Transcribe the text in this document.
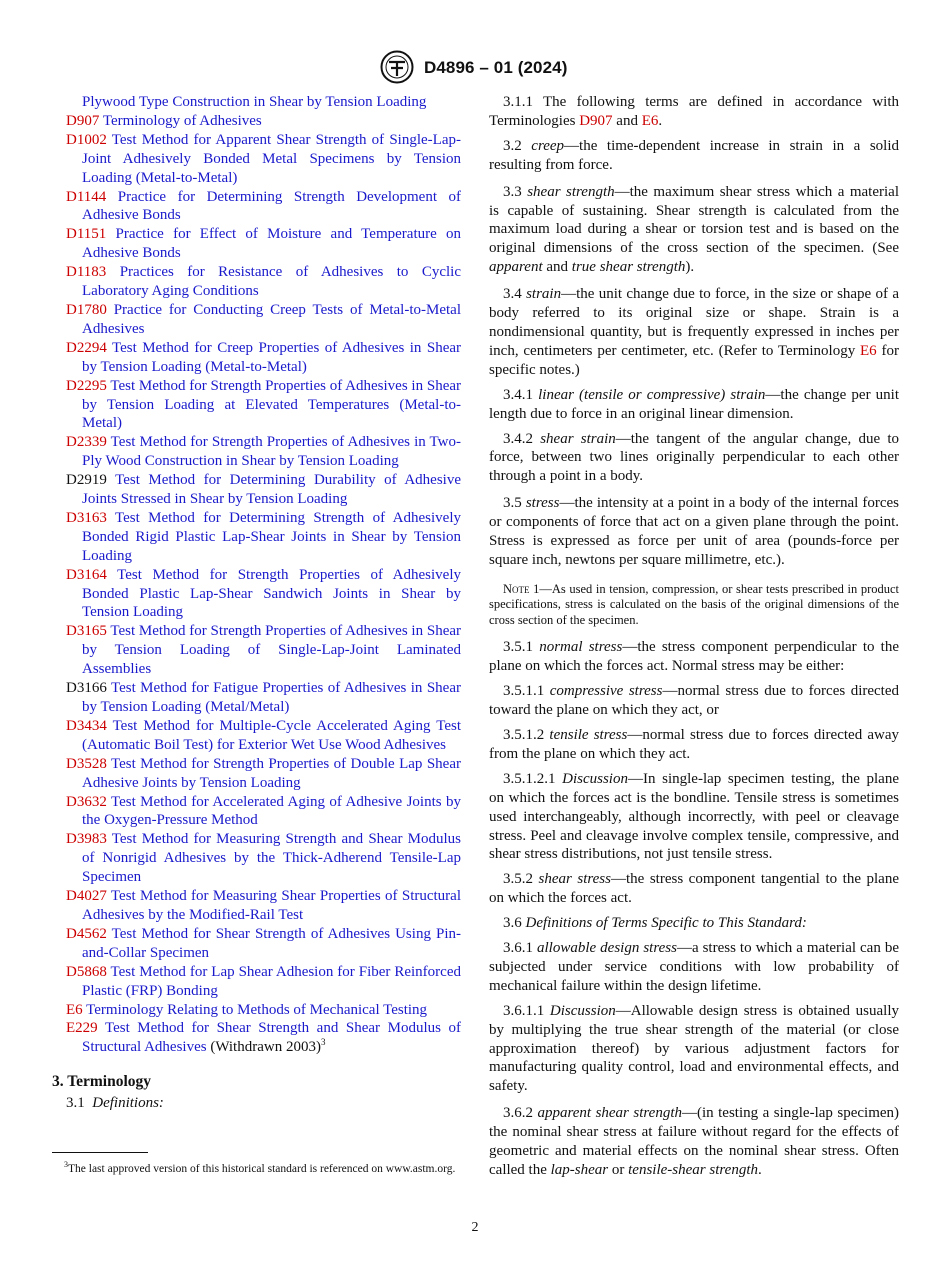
D4896 – 01 (2024)

Plywood Type Construction in Shear by Tension Loading

D907 Terminology of Adhesives

D1002 Test Method for Apparent Shear Strength of Single-Lap-Joint Adhesively Bonded Metal Specimens by Tension Loading (Metal-to-Metal)

D1144 Practice for Determining Strength Development of Adhesive Bonds

D1151 Practice for Effect of Moisture and Temperature on Adhesive Bonds

D1183 Practices for Resistance of Adhesives to Cyclic Laboratory Aging Conditions

D1780 Practice for Conducting Creep Tests of Metal-to-Metal Adhesives

D2294 Test Method for Creep Properties of Adhesives in Shear by Tension Loading (Metal-to-Metal)

D2295 Test Method for Strength Properties of Adhesives in Shear by Tension Loading at Elevated Temperatures (Metal-to-Metal)

D2339 Test Method for Strength Properties of Adhesives in Two-Ply Wood Construction in Shear by Tension Loading

D2919 Test Method for Determining Durability of Adhesive Joints Stressed in Shear by Tension Loading

D3163 Test Method for Determining Strength of Adhesively Bonded Rigid Plastic Lap-Shear Joints in Shear by Tension Loading

D3164 Test Method for Strength Properties of Adhesively Bonded Plastic Lap-Shear Sandwich Joints in Shear by Tension Loading

D3165 Test Method for Strength Properties of Adhesives in Shear by Tension Loading of Single-Lap-Joint Laminated Assemblies

D3166 Test Method for Fatigue Properties of Adhesives in Shear by Tension Loading (Metal/Metal)

D3434 Test Method for Multiple-Cycle Accelerated Aging Test (Automatic Boil Test) for Exterior Wet Use Wood Adhesives

D3528 Test Method for Strength Properties of Double Lap Shear Adhesive Joints by Tension Loading

D3632 Test Method for Accelerated Aging of Adhesive Joints by the Oxygen-Pressure Method

D3983 Test Method for Measuring Strength and Shear Modulus of Nonrigid Adhesives by the Thick-Adherend Tensile-Lap Specimen

D4027 Test Method for Measuring Shear Properties of Structural Adhesives by the Modified-Rail Test

D4562 Test Method for Shear Strength of Adhesives Using Pin-and-Collar Specimen

D5868 Test Method for Lap Shear Adhesion for Fiber Reinforced Plastic (FRP) Bonding

E6 Terminology Relating to Methods of Mechanical Testing

E229 Test Method for Shear Strength and Shear Modulus of Structural Adhesives (Withdrawn 2003)$^3$

3. Terminology

3.1 Definitions:

3.1.1 The following terms are defined in accordance with Terminologies D907 and E6.

3.2 creep—the time-dependent increase in strain in a solid resulting from force.

3.3 shear strength—the maximum shear stress which a material is capable of sustaining. Shear strength is calculated from the maximum load during a shear or torsion test and is based on the original dimensions of the cross section of the specimen. (See apparent and true shear strength).

3.4 strain—the unit change due to force, in the size or shape of a body referred to its original size or shape. Strain is a nondimensional quantity, but is frequently expressed in inches per inch, centimeters per centimeter, etc. (Refer to Terminology E6 for specific notes.)

3.4.1 linear (tensile or compressive) strain—the change per unit length due to force in an original linear dimension.

3.4.2 shear strain—the tangent of the angular change, due to force, between two lines originally perpendicular to each other through a point in a body.

3.5 stress—the intensity at a point in a body of the internal forces or components of force that act on a given plane through the point. Stress is expressed as force per unit of area (pounds-force per square inch, newtons per square millimetre, etc.).

Note 1—As used in tension, compression, or shear tests prescribed in product specifications, stress is calculated on the basis of the original dimensions of the cross section of the specimen.

3.5.1 normal stress—the stress component perpendicular to the plane on which the forces act. Normal stress may be either:

3.5.1.1 compressive stress—normal stress due to forces directed toward the plane on which they act, or

3.5.1.2 tensile stress—normal stress due to forces directed away from the plane on which they act.

3.5.1.2.1 Discussion—In single-lap specimen testing, the plane on which the forces act is the bondline. Tensile stress is sometimes used interchangeably, although incorrectly, with peel or cleavage stress. Peel and cleavage involve complex tensile, compressive, and shear stress distributions, not just tensile stress.

3.5.2 shear stress—the stress component tangential to the plane on which the forces act.

3.6 Definitions of Terms Specific to This Standard:

3.6.1 allowable design stress—a stress to which a material can be subjected under service conditions with low probability of mechanical failure within the design lifetime.

3.6.1.1 Discussion—Allowable design stress is obtained usually by multiplying the true shear strength of the material (or close approximation thereof) by various adjustment factors for manufacturing quality control, load and environmental effects, and safety.

3.6.2 apparent shear strength—(in testing a single-lap specimen) the nominal shear stress at failure without regard for the effects of geometric and material effects on the nominal shear stress. Often called the lap-shear or tensile-shear strength.

$^3$The last approved version of this historical standard is referenced on www.astm.org.
2
